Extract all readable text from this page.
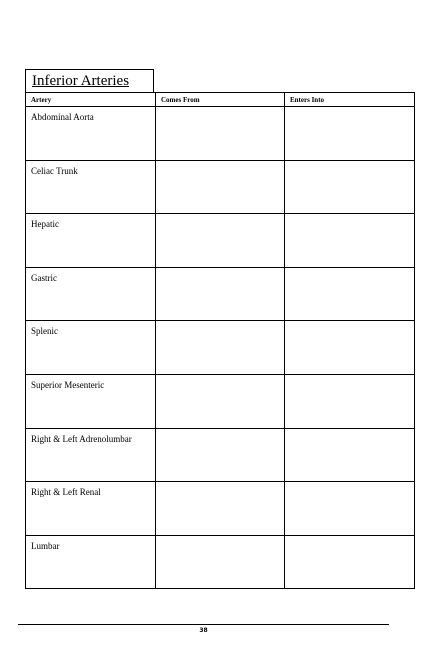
Inferior Arteries
Artery	Comes From	Enters Into
Abdominal Aorta		
Celiac Trunk		
Hepatic		
Gastric		
Splenic		
Superior Mesenteric		
Right & Left Adrenolumbar		
Right & Left Renal		
Lumbar		
38
